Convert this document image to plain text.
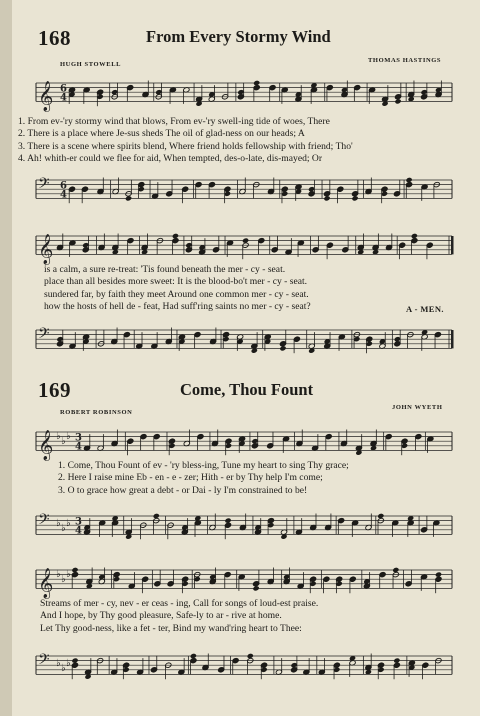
168	From Every Stormy Wind
HUGH STOWELL
THOMAS HASTINGS
𝄞 6
4
1. From ev-'ry stormy wind that blows, From ev-'ry swell-ing tide of woes, There
2. There is a place where Je-sus sheds The oil of glad-ness on our heads; A
3. There is a scene where spirits blend, Where friend holds fellowship with friend; Tho'
4. Ah! whith-er could we flee for aid, When tempted, des-o-late, dis-mayed; Or
𝄢 6
4
𝄞
is a calm, a sure re-treat: 'Tis found beneath the mer - cy - seat.
place than all besides more sweet: It is the blood-bo't mer - cy - seat.
sundered far, by faith they meet Around one common mer - cy - seat.
how the hosts of hell de - feat, Had suff'ring saints no mer - cy - seat?	A - MEN.
𝄢
169	Come, Thou Fount
ROBERT ROBINSON
JOHN WYETH
𝄞 ♭ ♭ ♭ 3
4
1. Come, Thou Fount of ev - 'ry bless-ing, Tune my heart to sing Thy grace;
2. Here I raise mine Eb - en - e - zer; Hith - er by Thy help I'm come;
3. O to grace how great a debt - or Dai - ly I'm constrained to be!
𝄢 ♭ ♭ ♭ 3
4
𝄞 ♭ ♭ ♭
Streams of mer - cy, nev - er ceas - ing, Call for songs of loud-est praise.
And I hope, by Thy good pleasure, Safe-ly to ar - rive at home.
Let Thy good-ness, like a fet - ter, Bind my wand'ring heart to Thee:
𝄢 ♭ ♭ ♭
